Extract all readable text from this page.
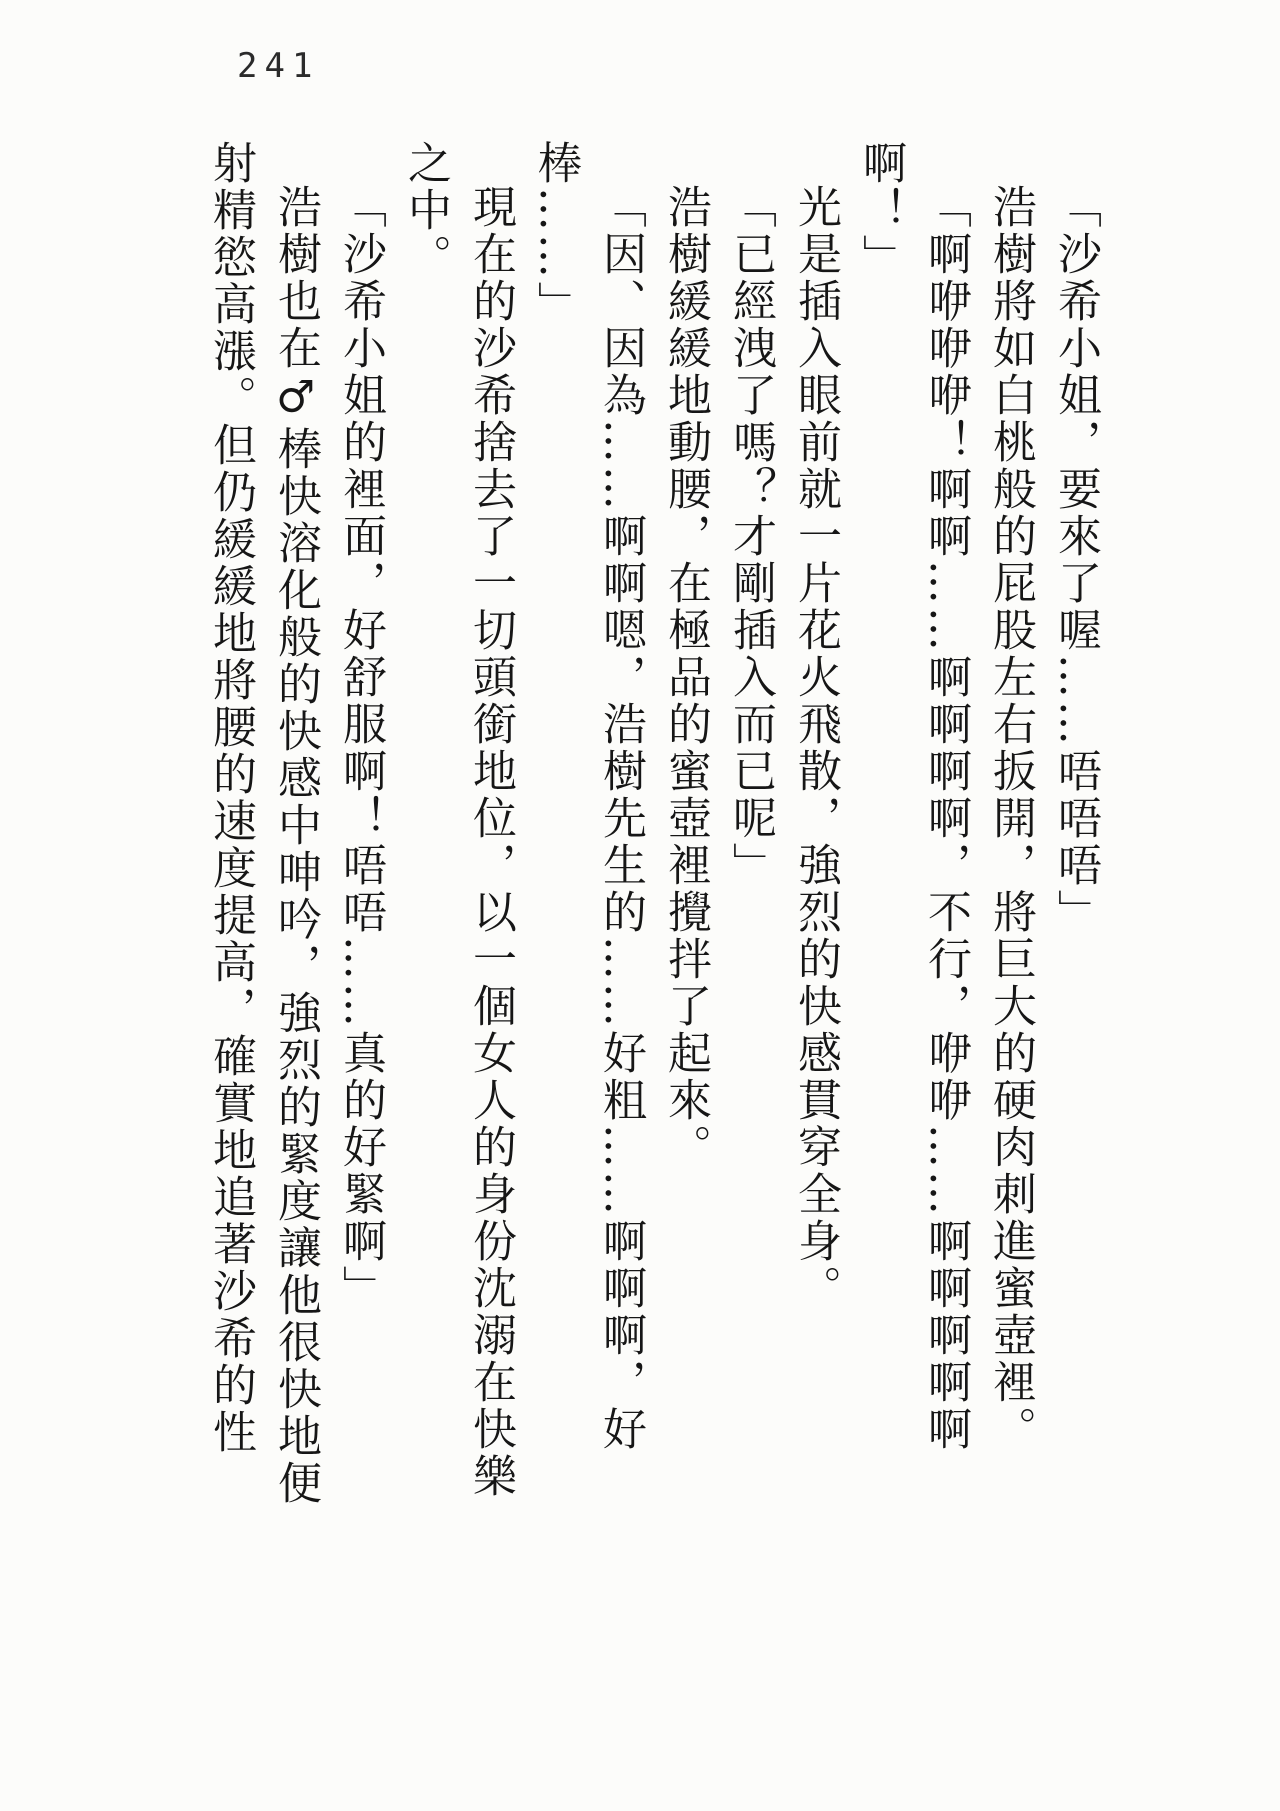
241

「沙希小姐，要來了喔……唔唔唔」

浩樹將如白桃般的屁股左右扳開，將巨大的硬肉刺進蜜壺裡。

「啊咿咿咿！啊啊……啊啊啊啊，不行，咿咿……啊啊啊啊啊

啊！」

光是插入眼前就一片花火飛散，強烈的快感貫穿全身。

「已經洩了嗎？才剛插入而已呢」

浩樹緩緩地動腰，在極品的蜜壺裡攪拌了起來。

「因、因為……啊啊嗯，浩樹先生的……好粗……啊啊啊，好

棒……」

現在的沙希捨去了一切頭銜地位，以一個女人的身份沈溺在快樂

之中。

「沙希小姐的裡面，好舒服啊！唔唔……真的好緊啊」

浩樹也在♂棒快溶化般的快感中呻吟，強烈的緊度讓他很快地便

射精慾高漲。但仍緩緩地將腰的速度提高，確實地追著沙希的性
